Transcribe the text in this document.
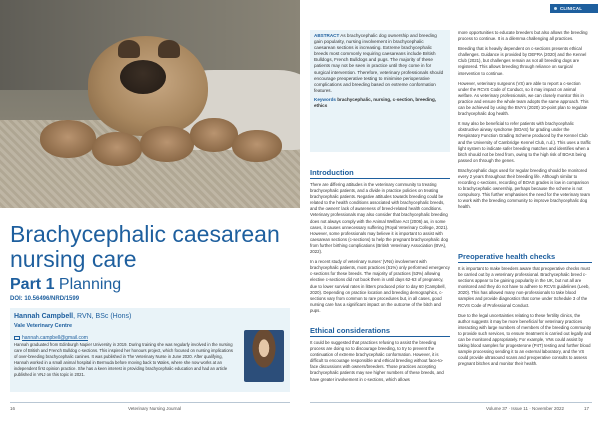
Brachycephalic caesarean nursing care
Part 1 Planning
DOI: 10.56496/NRD/1599
Hannah Campbell, RVN, BSc (Hons)
Vale Veterinary Centre
hannah.campbell@gmail.com
Hannah graduated from Edinburgh Napier University in 2019. During training she was regularly involved in the nursing care of British and French Bulldog c-sections. This inspired her honours project, which focused on nursing implications of over-breeding brachycephalic canines. It was published in The Veterinary Nurse in June 2020. After qualifying, Hannah worked in a small animal hospital in Bermuda before moving back to Wales, where she now works at an independent first opinion practice. She has a keen interest in providing brachycephalic education and had an article published in VNJ on this topic in 2021.
16	Veterinary Nursing Journal
CLINICAL
ABSTRACT As brachycephalic dog ownership and breeding gain popularity, nursing involvement in brachycephalic caesarean sections is increasing. Extreme brachycephalic breeds most commonly requiring caesareans include British Bulldogs, French Bulldogs and pugs. The majority of these patients may not be seen in practice until they come in for surgical intervention. Therefore, veterinary professionals should encourage preoperative testing to minimise perioperative complications and breeding based on extreme conformation features.
Keywords brachycephalic, nursing, c-section, breeding, ethics
Introduction

There are differing attitudes in the veterinary community to treating brachycephalic patients, and a divide in practice policies on treating brachycephalic patients. Negative attitudes towards breeding could be related to the health conditions associated with brachycephalic breeds, and the owners' lack of awareness of breed-related health conditions. Veterinary professionals may also consider that brachycephalic breeding does not always comply with the Animal Welfare Act (2006) as, in some cases, it causes unnecessary suffering (Royal Veterinary College, 2021). However, some professionals may believe it is important to assist with caesarean sections (c-sections) to help the pregnant brachycephalic dog from further birthing complications (British Veterinary Association (BVA), 2022).

In a recent study of veterinary nurses' (VNs) involvement with brachycephalic patients, most practices (51%) only performed emergency c-sections for these breeds. The majority of practices (53%) allowing elective c-sections did not book them in until days 62-63 of pregnancy, due to lower survival rates in litters produced prior to day 60 (Campbell, 2020). Depending on practice location and breeding demographics, c-sections vary from common to rare procedures but, in all cases, good nursing care has a significant impact on the outcome of the bitch and pups.

Ethical considerations

It could be suggested that practices refusing to assist the breeding process are doing so to discourage breeding, to try to prevent the continuation of extreme brachycephalic conformation. However, it is difficult to encourage responsible and ethical breeding without face-to-face discussions with owners/breeders. Those practices accepting brachycephalic patients may see higher numbers of these breeds, and have greater involvement in c-sections, which allows

more opportunities to educate breeders but also allows the breeding process to continue. It is a dilemma challenging all practices.

Breeding that is heavily dependent on c-sections presents ethical challenges. Guidance is provided by DEFRA (2020) and the Kennel Club (2021), but challenges remain as not all breeding dogs are registered. This allows breeding through reliance on surgical intervention to continue.

However, veterinary surgeons (VS) are able to report a c-section under the RCVS Code of Conduct, so it may impact on animal welfare. As veterinary professionals, we can closely monitor this in practice and ensure the whole team adopts the same approach. This can be achieved by using the BVA's (2020) 10-point plan to regulate brachycephalic dog health.

It may also be beneficial to refer patients with brachycephalic obstructive airway syndrome (BOAS) for grading under the Respiratory Function Grading Scheme produced by the Kennel Club and the University of Cambridge Kennel Club, n.d.). This uses a traffic light system to indicate safer breeding matches and identifies when a bitch should not be bred from, owing to the high risk of BOAS being passed on through the genes.

Brachycephalic dogs used for regular breeding should be monitored every 2 years throughout their breeding life. Although similar to recording c-sections, recording of BOAS grades is low in comparison to brachycephalic ownership, perhaps because the scheme is not compulsory. This further emphasises the need for the veterinary team to work with the breeding community to improve brachycephalic dog health.

Preoperative health checks

It is important to make breeders aware that preoperative checks must be carried out by a veterinary professional. Brachycephalic breed c-sections appear to be gaining popularity in the UK, but not all are monitored and they do not have to adhere to RCVS guidelines (Leeb, 2020). This has allowed many non-professionals to take blood samples and provide diagnostics that come under Schedule 3 of the RCVS Code of Professional Conduct.

Due to the legal uncertainties relating to these fertility clinics, the author suggests it may be more beneficial for veterinary practices interacting with large numbers of members of the breeding community to provide such services, to ensure treatment is carried out legally and can be monitored appropriately. For example, VNs could assist by taking blood samples for progesterone (P4T) testing and further blood sample processing sending it to an external laboratory, and the VS could provide ultrasound scans and preoperative consults to assess pregnant bitches and monitor their health.

Volume 37 · Issue 11 · November 2022	17
